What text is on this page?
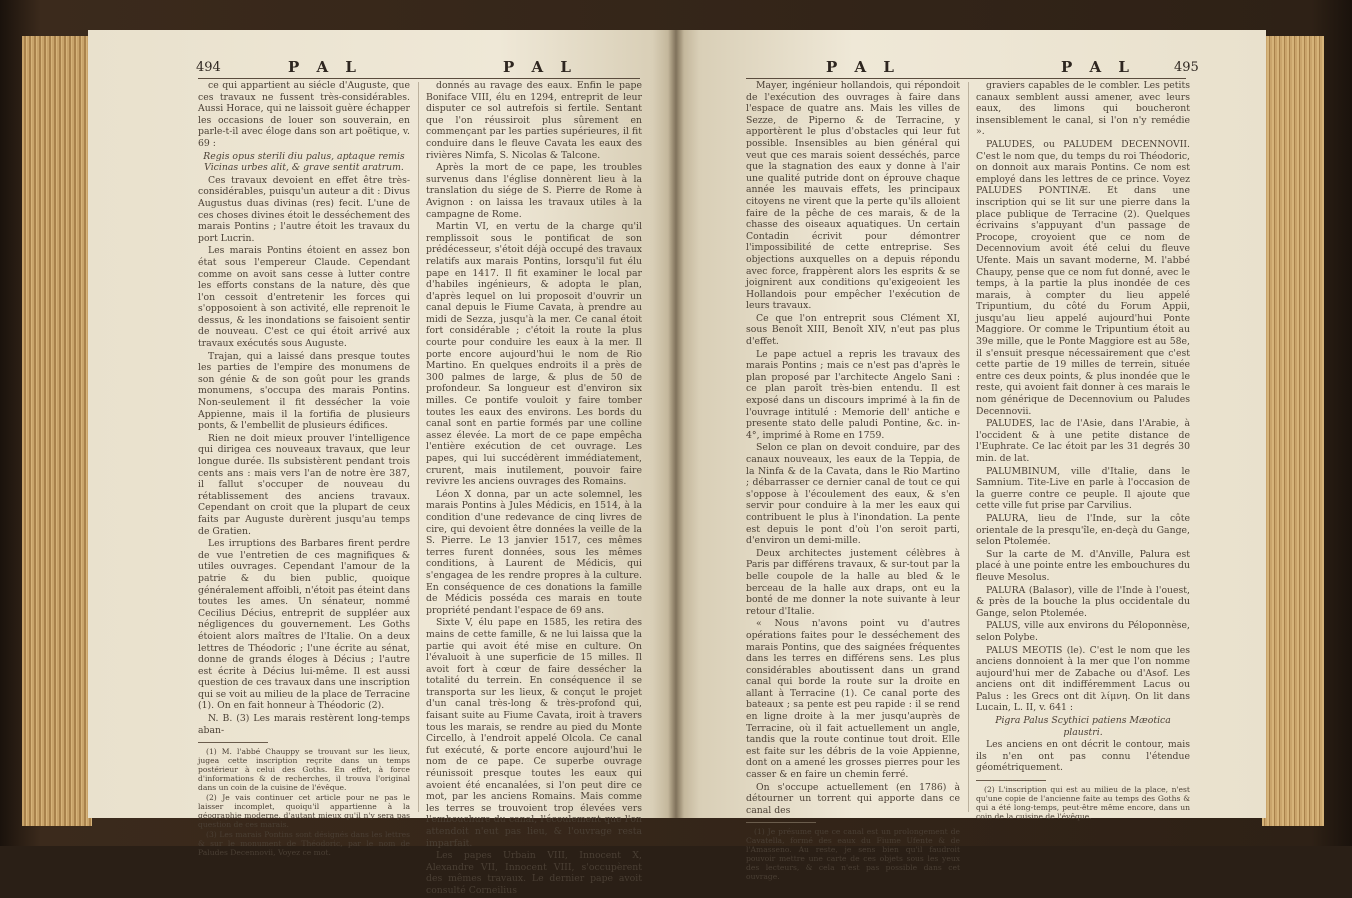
494	P A L	P A L

ce qui appartient au siécle d'Auguste, que ces travaux ne fussent très-considérables. Aussi Horace, qui ne laissoit guère échapper les occasions de louer son souverain, en parle-t-il avec éloge dans son art poëtique, v. 69 :

Regis opus sterili diu palus, aptaque remis Vicinas urbes alit, & grave sentit aratrum.

Ces travaux devoient en effet être très-considérables, puisqu'un auteur a dit : Divus Augustus duas divinas (res) fecit. L'une de ces choses divines étoit le desséchement des marais Pontins ; l'autre étoit les travaux du port Lucrin.

Les marais Pontins étoient en assez bon état sous l'empereur Claude. Cependant comme on avoit sans cesse à lutter contre les efforts constans de la nature, dès que l'on cessoit d'entretenir les forces qui s'opposoient à son activité, elle reprenoit le dessus, & les inondations se faisoient sentir de nouveau. C'est ce qui étoit arrivé aux travaux exécutés sous Auguste.

Trajan, qui a laissé dans presque toutes les parties de l'empire des monumens de son génie & de son goût pour les grands monumens, s'occupa des marais Pontins. Non-seulement il fit dessécher la voie Appienne, mais il la fortifia de plusieurs ponts, & l'embellit de plusieurs édifices.

Rien ne doit mieux prouver l'intelligence qui dirigea ces nouveaux travaux, que leur longue durée. Ils subsistèrent pendant trois cents ans : mais vers l'an de notre ère 387, il fallut s'occuper de nouveau du rétablissement des anciens travaux. Cependant on croit que la plupart de ceux faits par Auguste durèrent jusqu'au temps de Gratien.

Les irruptions des Barbares firent perdre de vue l'entretien de ces magnifiques & utiles ouvrages. Cependant l'amour de la patrie & du bien public, quoique généralement affoibli, n'étoit pas éteint dans toutes les ames. Un sénateur, nommé Cecilius Décius, entreprit de suppléer aux négligences du gouvernement. Les Goths étoient alors maîtres de l'Italie. On a deux lettres de Théodoric ; l'une écrite au sénat, donne de grands éloges à Décius ; l'autre est écrite à Décius lui-même. Il est aussi question de ces travaux dans une inscription qui se voit au milieu de la place de Terracine (1). On en fait honneur à Théodoric (2).

N. B. (3) Les marais restèrent long-temps aban-

(1) M. l'abbé Chauppy se trouvant sur les lieux, jugea cette inscription reçrite dans un temps postérieur à celui des Goths. En effet, à force d'informations & de recherches, il trouva l'original dans un coin de la cuisine de l'évêque.

(2) Je vais continuer cet article pour ne pas le laisser incomplet, quoiqu'il appartienne à la géographie moderne, d'autant mieux qu'il n'y sera pas question de ces marais.

(3) Les marais Pontins sont désignés dans les lettres & sur le monument de Théodoric, par le nom de Paludes Decennovii, Voyez ce mot.

donnés au ravage des eaux. Enfin le pape Boniface VIII, élu en 1294, entreprit de leur disputer ce sol autrefois si fertile. Sentant que l'on réussiroit plus sûrement en commençant par les parties supérieures, il fit conduire dans le fleuve Cavata les eaux des rivières Nimfa, S. Nicolas & Talcone.

Après la mort de ce pape, les troubles survenus dans l'église donnèrent lieu à la translation du siége de S. Pierre de Rome à Avignon : on laissa les travaux utiles à la campagne de Rome.

Martin VI, en vertu de la charge qu'il remplissoit sous le pontificat de son prédécesseur, s'étoit déjà occupé des travaux relatifs aux marais Pontins, lorsqu'il fut élu pape en 1417. Il fit examiner le local par d'habiles ingénieurs, & adopta le plan, d'après lequel on lui proposoit d'ouvrir un canal depuis le Fiume Cavata, à prendre au midi de Sezza, jusqu'à la mer. Ce canal étoit fort considérable ; c'étoit la route la plus courte pour conduire les eaux à la mer. Il porte encore aujourd'hui le nom de Rio Martino. En quelques endroits il a près de 300 palmes de large, & plus de 50 de profondeur. Sa longueur est d'environ six milles. Ce pontife vouloit y faire tomber toutes les eaux des environs. Les bords du canal sont en partie formés par une colline assez élevée. La mort de ce pape empêcha l'entière exécution de cet ouvrage. Les papes, qui lui succédèrent immédiatement, crurent, mais inutilement, pouvoir faire revivre les anciens ouvrages des Romains.

Léon X donna, par un acte solemnel, les marais Pontins à Jules Médicis, en 1514, à la condition d'une redevance de cinq livres de cire, qui devoient être données la veille de la S. Pierre. Le 13 janvier 1517, ces mêmes terres furent données, sous les mêmes conditions, à Laurent de Médicis, qui s'engagea de les rendre propres à la culture. En conséquence de ces donations la famille de Médicis posséda ces marais en toute propriété pendant l'espace de 69 ans.

Sixte V, élu pape en 1585, les retira des mains de cette famille, & ne lui laissa que la partie qui avoit été mise en culture. On l'évaluoit à une superficie de 15 milles. Il avoit fort à cœur de faire dessécher la totalité du terrein. En conséquence il se transporta sur les lieux, & conçut le projet d'un canal très-long & très-profond qui, faisant suite au Fiume Cavata, iroit à travers tous les marais, se rendre au pied du Monte Circello, à l'endroit appelé Olcola. Ce canal fut exécuté, & porte encore aujourd'hui le nom de ce pape. Ce superbe ouvrage réunissoit presque toutes les eaux qui avoient été encanalées, si l'on peut dire ce mot, par les anciens Romains. Mais comme les terres se trouvoient trop élevées vers l'embouchure du canal, l'écoulement que l'on attendoit n'eut pas lieu, & l'ouvrage resta imparfait.

Les papes Urbain VIII, Innocent X, Alexandre VII, Innocent VIII, s'occupèrent des mêmes travaux. Le dernier pape avoit consulté Corneilius

P A L	P A L	495

Mayer, ingénieur hollandois, qui répondoit de l'exécution des ouvrages à faire dans l'espace de quatre ans. Mais les villes de Sezze, de Piperno & de Terracine, y apportèrent le plus d'obstacles qui leur fut possible. Insensibles au bien général qui veut que ces marais soient desséchés, parce que la stagnation des eaux y donne à l'air une qualité putride dont on éprouve chaque année les mauvais effets, les principaux citoyens ne virent que la perte qu'ils alloient faire de la pêche de ces marais, & de la chasse des oiseaux aquatiques. Un certain Contadin écrivit pour démontrer l'impossibilité de cette entreprise. Ses objections auxquelles on a depuis répondu avec force, frappèrent alors les esprits & se joignirent aux conditions qu'exigeoient les Hollandois pour empêcher l'exécution de leurs travaux.

Ce que l'on entreprit sous Clément XI, sous Benoît XIII, Benoît XIV, n'eut pas plus d'effet.

Le pape actuel a repris les travaux des marais Pontins ; mais ce n'est pas d'après le plan proposé par l'architecte Angelo Sani : ce plan paroît très-bien entendu. Il est exposé dans un discours imprimé à la fin de l'ouvrage intitulé : Memorie dell' antiche e presente stato delle paludi Pontine, &c. in-4°, imprimé à Rome en 1759.

Selon ce plan on devoit conduire, par des canaux nouveaux, les eaux de la Teppia, de la Ninfa & de la Cavata, dans le Rio Martino ; débarrasser ce dernier canal de tout ce qui s'oppose à l'écoulement des eaux, & s'en servir pour conduire à la mer les eaux qui contribuent le plus à l'inondation. La pente est depuis le pont d'où l'on seroit parti, d'environ un demi-mille.

Deux architectes justement célèbres à Paris par différens travaux, & sur-tout par la belle coupole de la halle au bled & le berceau de la halle aux draps, ont eu la bonté de me donner la note suivante à leur retour d'Italie.

« Nous n'avons point vu d'autres opérations faites pour le desséchement des marais Pontins, que des saignées fréquentes dans les terres en différens sens. Les plus considérables aboutissent dans un grand canal qui borde la route sur la droite en allant à Terracine (1). Ce canal porte des bateaux ; sa pente est peu rapide : il se rend en ligne droite à la mer jusqu'auprès de Terracine, où il fait actuellement un angle, tandis que la route continue tout droit. Elle est faite sur les débris de la voie Appienne, dont on a amené les grosses pierres pour les casser & en faire un chemin ferré.

On s'occupe actuellement (en 1786) à détourner un torrent qui apporte dans ce canal des

(1) Je présume que ce canal est un prolongement de Cavatella, formé des eaux du Fiume Ufente & de l'Amasseno. Au reste, je sens bien qu'il faudroit pouvoir mettre une carte de ces objets sous les yeux des lecteurs, & cela n'est pas possible dans cet ouvrage.

graviers capables de le combler. Les petits canaux semblent aussi amener, avec leurs eaux, des limons qui boucheront insensiblement le canal, si l'on n'y remédie ».

PALUDES, ou PALUDEM DECENNOVII. C'est le nom que, du temps du roi Théodoric, on donnoit aux marais Pontins. Ce nom est employé dans les lettres de ce prince. Voyez PALUDES PONTINÆ. Et dans une inscription qui se lit sur une pierre dans la place publique de Terracine (2). Quelques écrivains s'appuyant d'un passage de Procope, croyoient que ce nom de Decennovium avoit été celui du fleuve Ufente. Mais un savant moderne, M. l'abbé Chaupy, pense que ce nom fut donné, avec le temps, à la partie la plus inondée de ces marais, à compter du lieu appelé Tripuntium, du côté du Forum Appii, jusqu'au lieu appelé aujourd'hui Ponte Maggiore. Or comme le Tripuntium étoit au 39e mille, que le Ponte Maggiore est au 58e, il s'ensuit presque nécessairement que c'est cette partie de 19 milles de terrein, située entre ces deux points, & plus inondée que le reste, qui avoient fait donner à ces marais le nom générique de Decennovium ou Paludes Decennovii.

PALUDES, lac de l'Asie, dans l'Arabie, à l'occident & à une petite distance de l'Euphrate. Ce lac étoit par les 31 degrés 30 min. de lat.

PALUMBINUM, ville d'Italie, dans le Samnium. Tite-Live en parle à l'occasion de la guerre contre ce peuple. Il ajoute que cette ville fut prise par Carvilius.

PALURA, lieu de l'Inde, sur la côte orientale de la presqu'île, en-deçà du Gange, selon Ptolemée.

Sur la carte de M. d'Anville, Palura est placé à une pointe entre les embouchures du fleuve Mesolus.

PALURA (Balasor), ville de l'Inde à l'ouest, & près de la bouche la plus occidentale du Gange, selon Ptolemée.

PALUS, ville aux environs du Péloponnèse, selon Polybe.

PALUS MEOTIS (le). C'est le nom que les anciens donnoient à la mer que l'on nomme aujourd'hui mer de Zabache ou d'Asof. Les anciens ont dit indifféremment Lacus ou Palus : les Grecs ont dit λίμνη. On lit dans Lucain, L. II, v. 641 :

Pigra Palus Scythici patiens Mæotica plaustri.

Les anciens en ont décrit le contour, mais ils n'en ont pas connu l'étendue géométriquement.

(2) L'inscription qui est au milieu de la place, n'est qu'une copie de l'ancienne faite au temps des Goths & qui a été long-temps, peut-être même encore, dans un coin de la cuisine de l'évêque.
